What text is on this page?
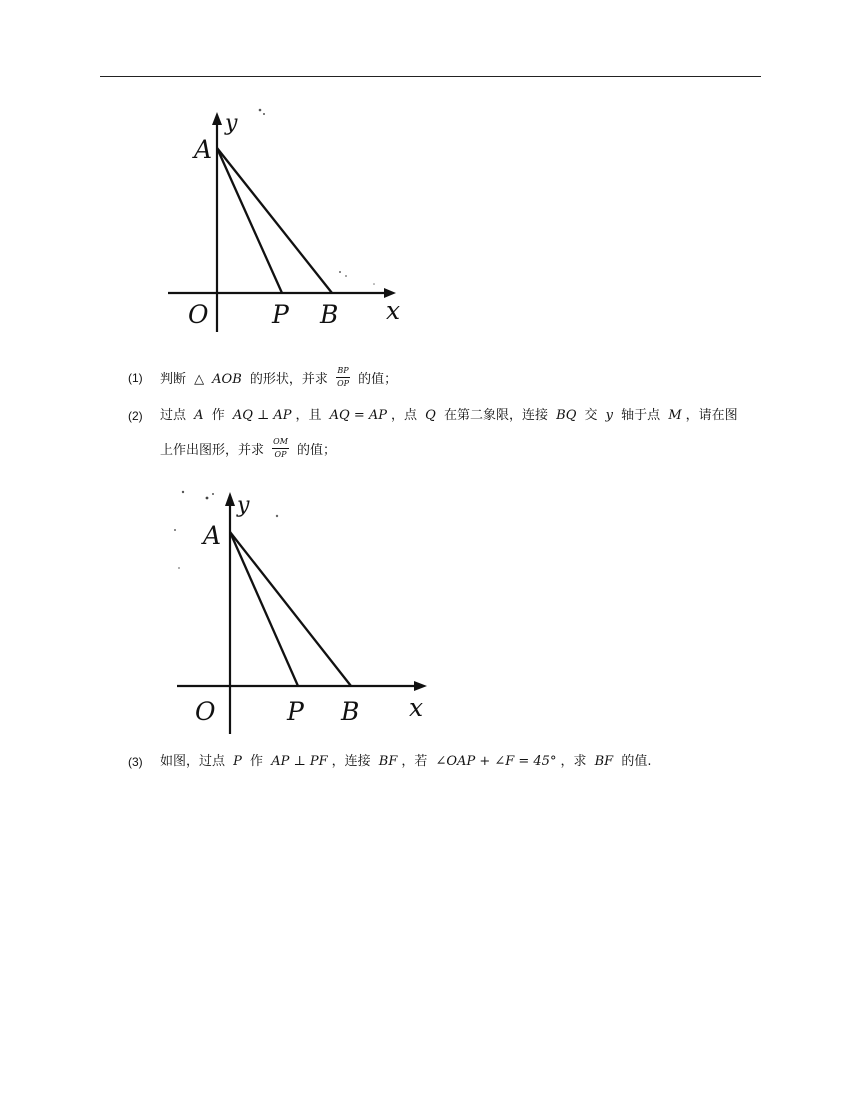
A
y
O	P B x
(1) 判断 △ AOB 的形状，并求 $\frac{BP}{OP}$ 的值；
(2) 过点 A 作 AQ ⊥ AP ，且 AQ = AP ，点 Q 在第二象限，连接 BQ 交 y 轴于点 M ，请在图
上作出图形，并求 $\frac{OM}{OP}$ 的值；
A
y
O	P B x
(3) 如图，过点 P 作 AP ⊥ PF ，连接 BF ，若 ∠OAP + ∠F = 45° ，求 BF 的值.
